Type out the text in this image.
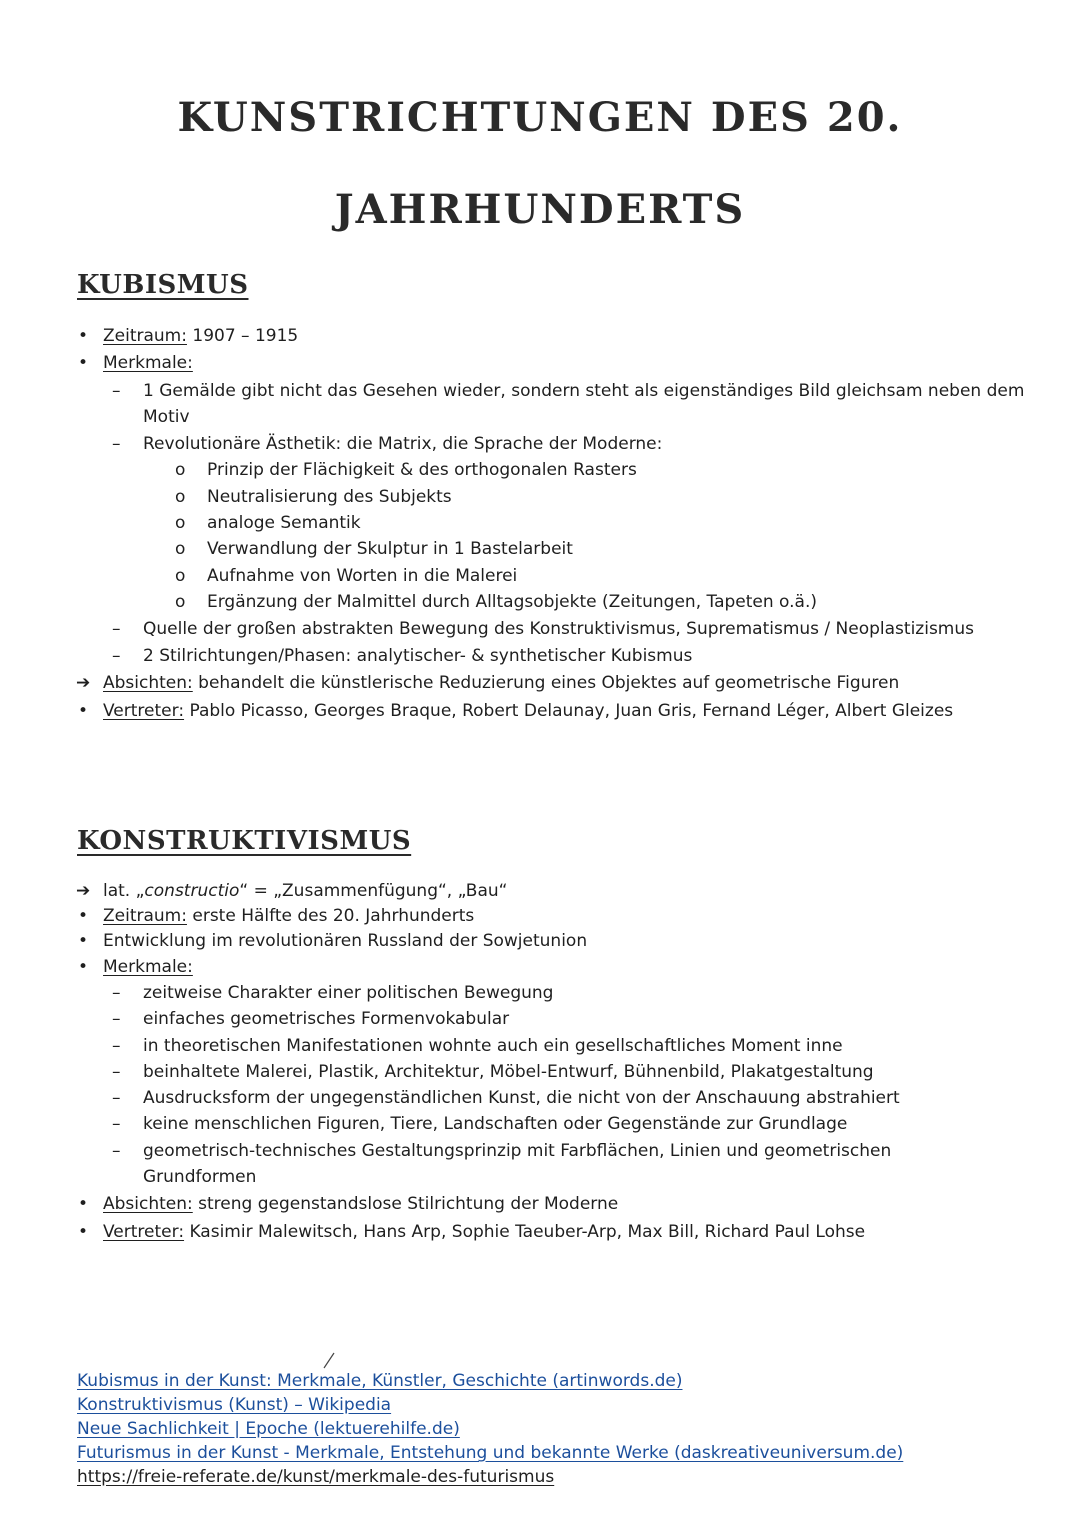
KUNSTRICHTUNGEN DES 20.
JAHRHUNDERTS
KUBISMUS
• Zeitraum: 1907 – 1915
• Merkmale:
– 1 Gemälde gibt nicht das Gesehen wieder, sondern steht als eigenständiges Bild gleichsam neben dem
Motiv
– Revolutionäre Ästhetik: die Matrix, die Sprache der Moderne:
o Prinzip der Flächigkeit & des orthogonalen Rasters
o Neutralisierung des Subjekts
o analoge Semantik
o Verwandlung der Skulptur in 1 Bastelarbeit
o Aufnahme von Worten in die Malerei
o Ergänzung der Malmittel durch Alltagsobjekte (Zeitungen, Tapeten o.ä.)
– Quelle der großen abstrakten Bewegung des Konstruktivismus, Suprematismus / Neoplastizismus
– 2 Stilrichtungen/Phasen: analytischer- & synthetischer Kubismus
➔ Absichten: behandelt die künstlerische Reduzierung eines Objektes auf geometrische Figuren
• Vertreter: Pablo Picasso, Georges Braque, Robert Delaunay, Juan Gris, Fernand Léger, Albert Gleizes
KONSTRUKTIVISMUS
➔ lat. „constructio“ = „Zusammenfügung“, „Bau“
• Zeitraum: erste Hälfte des 20. Jahrhunderts
• Entwicklung im revolutionären Russland der Sowjetunion
• Merkmale:
– zeitweise Charakter einer politischen Bewegung
– einfaches geometrisches Formenvokabular
– in theoretischen Manifestationen wohnte auch ein gesellschaftliches Moment inne
– beinhaltete Malerei, Plastik, Architektur, Möbel-Entwurf, Bühnenbild, Plakatgestaltung
– Ausdrucksform der ungegenständlichen Kunst, die nicht von der Anschauung abstrahiert
– keine menschlichen Figuren, Tiere, Landschaften oder Gegenstände zur Grundlage
– geometrisch-technisches Gestaltungsprinzip mit Farbflächen, Linien und geometrischen
Grundformen
• Absichten: streng gegenstandslose Stilrichtung der Moderne
• Vertreter: Kasimir Malewitsch, Hans Arp, Sophie Taeuber-Arp, Max Bill, Richard Paul Lohse
Kubismus in der Kunst: Merkmale, Künstler, Geschichte (artinwords.de)
Konstruktivismus (Kunst) – Wikipedia
Neue Sachlichkeit | Epoche (lektuerehilfe.de)
Futurismus in der Kunst - Merkmale, Entstehung und bekannte Werke (daskreativeuniversum.de)
https://freie-referate.de/kunst/merkmale-des-futurismus
